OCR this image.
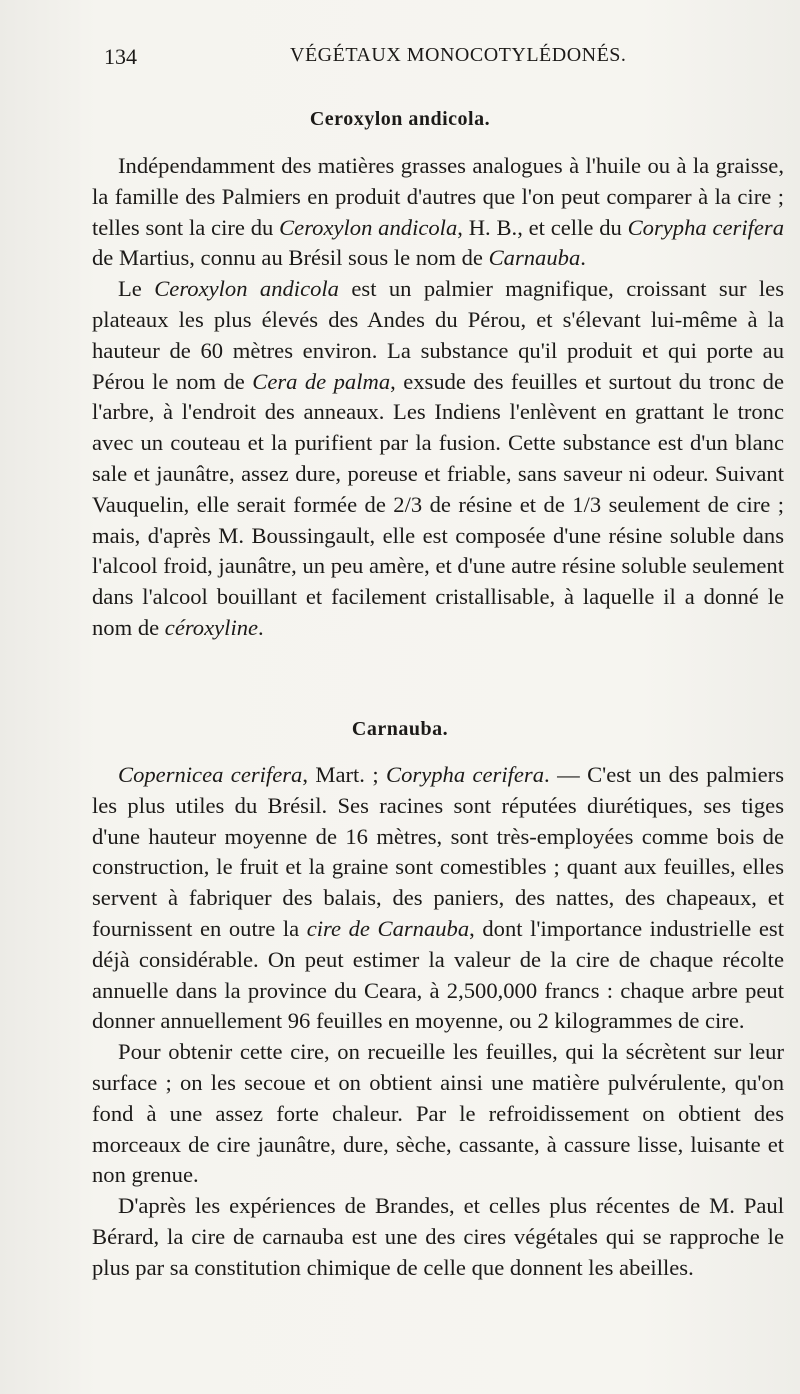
134	VÉGÉTAUX MONOCOTYLÉDONÉS.
Ceroxylon andicola.

Indépendamment des matières grasses analogues à l'huile ou à la graisse, la famille des Palmiers en produit d'autres que l'on peut comparer à la cire ; telles sont la cire du Ceroxylon andicola, H. B., et celle du Corypha cerifera de Martius, connu au Brésil sous le nom de Carnauba.

Le Ceroxylon andicola est un palmier magnifique, croissant sur les plateaux les plus élevés des Andes du Pérou, et s'élevant lui-même à la hauteur de 60 mètres environ. La substance qu'il produit et qui porte au Pérou le nom de Cera de palma, exsude des feuilles et surtout du tronc de l'arbre, à l'endroit des anneaux. Les Indiens l'enlèvent en grattant le tronc avec un couteau et la purifient par la fusion. Cette substance est d'un blanc sale et jaunâtre, assez dure, poreuse et friable, sans saveur ni odeur. Suivant Vauquelin, elle serait formée de 2/3 de résine et de 1/3 seulement de cire ; mais, d'après M. Boussingault, elle est composée d'une résine soluble dans l'alcool froid, jaunâtre, un peu amère, et d'une autre résine soluble seulement dans l'alcool bouillant et facilement cristallisable, à laquelle il a donné le nom de céroxyline.

Carnauba.

Copernicea cerifera, Mart. ; Corypha cerifera. — C'est un des palmiers les plus utiles du Brésil. Ses racines sont réputées diurétiques, ses tiges d'une hauteur moyenne de 16 mètres, sont très-employées comme bois de construction, le fruit et la graine sont comestibles ; quant aux feuilles, elles servent à fabriquer des balais, des paniers, des nattes, des chapeaux, et fournissent en outre la cire de Carnauba, dont l'importance industrielle est déjà considérable. On peut estimer la valeur de la cire de chaque récolte annuelle dans la province du Ceara, à 2,500,000 francs : chaque arbre peut donner annuellement 96 feuilles en moyenne, ou 2 kilogrammes de cire.

Pour obtenir cette cire, on recueille les feuilles, qui la sécrètent sur leur surface ; on les secoue et on obtient ainsi une matière pulvérulente, qu'on fond à une assez forte chaleur. Par le refroidissement on obtient des morceaux de cire jaunâtre, dure, sèche, cassante, à cassure lisse, luisante et non grenue.

D'après les expériences de Brandes, et celles plus récentes de M. Paul Bérard, la cire de carnauba est une des cires végétales qui se rapproche le plus par sa constitution chimique de celle que donnent les abeilles.
